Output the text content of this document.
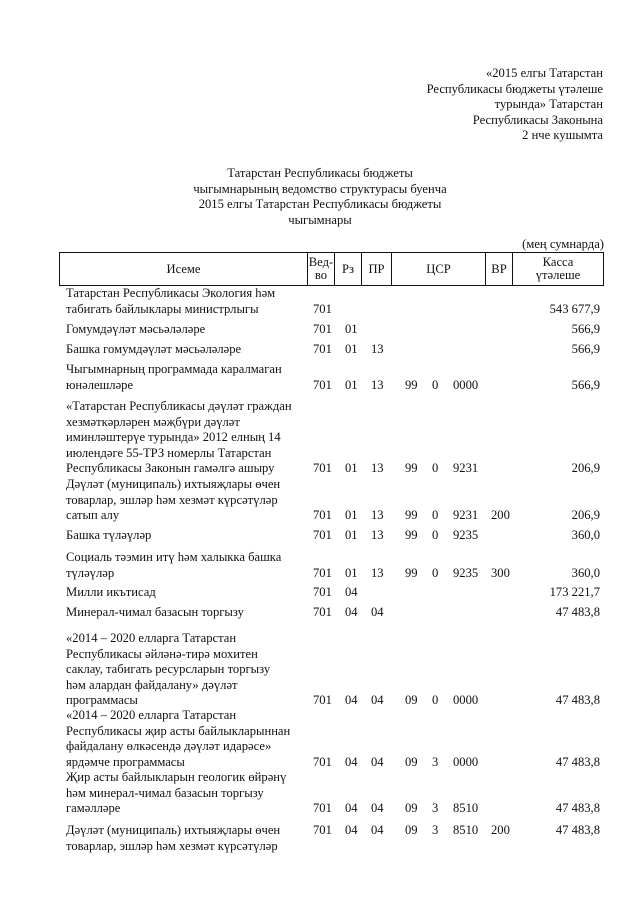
«2015 елгы Татарстан
Республикасы бюджеты үтәлеше
турында» Татарстан
Республикасы Законына
2 нче кушымта
Татарстан Республикасы бюджеты
чыгымнарының ведомство структурасы буенча
2015 елгы Татарстан Республикасы бюджеты
чыгымнары
(мең сумнарда)
Исеме	Вед-
во	Рз ПР	ЦСР	ВР	Касса
үтәлеше
Татарстан Республикасы Экология һәм
табигать байлыклары министрлыгы	701	543 677,9
Гомумдәүләт мәсьәләләре	701 01	566,9
Башка гомумдәүләт мәсьәләләре	701 01 13	566,9
Чыгымнарның программада каралмаган
юнәлешләре	701 01 13 99 0 0000	566,9
«Татарстан Республикасы дәүләт граждан
хезмәткәрләрен мәҗбүри дәүләт
иминләштерүе турында» 2012 елның 14
июлендәге 55-ТРЗ номерлы Татарстан
Республикасы Законын гамәлгә ашыру	701 01 13 99 0 9231	206,9
Дәүләт (муниципаль) ихтыяҗлары өчен
товарлар, эшләр һәм хезмәт күрсәтүләр
сатып алу	701 01 13 99 0 9231 200	206,9
Башка түләүләр	701 01 13 99 0 9235	360,0
Социаль тәэмин итү һәм халыкка башка
түләүләр	701 01 13 99 0 9235 300	360,0
Милли икътисад	701 04	173 221,7
Минерал-чимал базасын торгызу	701 04 04	47 483,8
«2014 – 2020 елларга Татарстан
Республикасы әйләнә-тирә мохитен
саклау, табигать ресурсларын торгызу
һәм алардан файдалану» дәүләт
программасы	701 04 04 09 0 0000	47 483,8
«2014 – 2020 елларга Татарстан
Республикасы җир асты байлыкларыннан
файдалану өлкәсендә дәүләт идарәсе»
ярдәмче программасы	701 04 04 09 3 0000	47 483,8
Җир асты байлыкларын геологик өйрәнү
һәм минерал-чимал базасын торгызу
гамәлләре	701 04 04 09 3 8510	47 483,8
Дәүләт (муниципаль) ихтыяҗлары өчен
товарлар, эшләр һәм хезмәт күрсәтүләр
701 04 04 09 3 8510 200	47 483,8
